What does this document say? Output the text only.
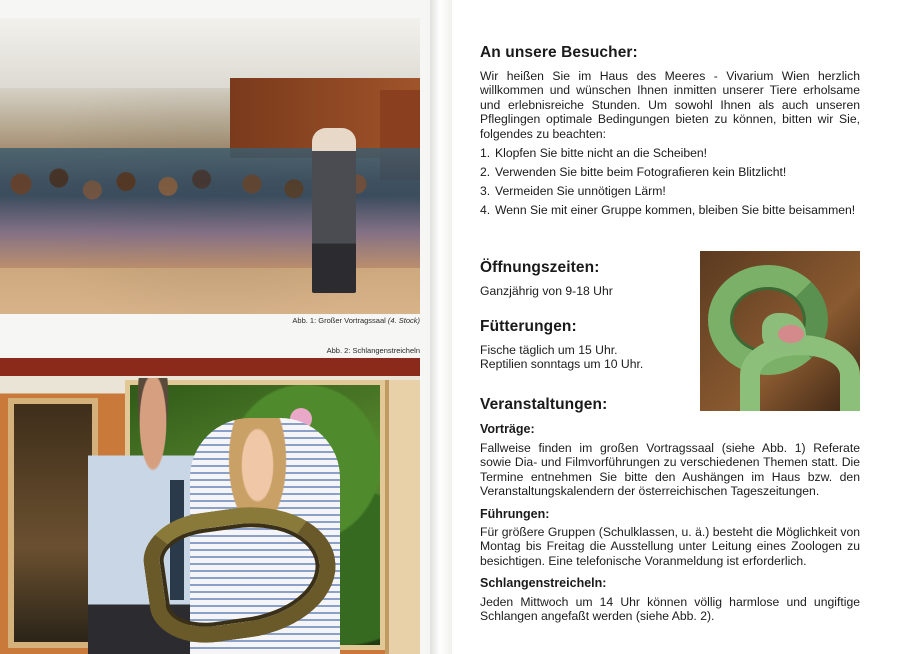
Abb. 1: Großer Vortragssaal (4. Stock)
Abb. 2: Schlangenstreicheln
An unsere Besucher:

Wir heißen Sie im Haus des Meeres - Vivarium Wien herzlich willkommen und wünschen Ihnen inmitten unserer Tiere erholsame und erlebnisreiche Stunden. Um sowohl Ihnen als auch unseren Pfleglingen optimale Bedingungen bieten zu können, bitten wir Sie, folgendes zu beachten:

1. Klopfen Sie bitte nicht an die Scheiben!
2. Verwenden Sie bitte beim Fotografieren kein Blitzlicht!
3. Vermeiden Sie unnötigen Lärm!
4. Wenn Sie mit einer Gruppe kommen, bleiben Sie bitte beisammen!
Öffnungszeiten:

Ganzjährig von 9-18 Uhr

Fütterungen:
Fische täglich um 15 Uhr.
Reptilien sonntags um 10 Uhr.
Veranstaltungen:
Vorträge:

Fallweise finden im großen Vortragssaal (siehe Abb. 1) Referate sowie Dia- und Filmvorführungen zu verschiedenen Themen statt. Die Termine entnehmen Sie bitte den Aushängen im Haus bzw. den Veranstaltungskalendern der österreichischen Tageszeitungen.

Führungen:

Für größere Gruppen (Schulklassen, u. ä.) besteht die Möglichkeit von Montag bis Freitag die Ausstellung unter Leitung eines Zoologen zu besichtigen. Eine telefonische Voranmeldung ist erforderlich.

Schlangenstreicheln:

Jeden Mittwoch um 14 Uhr können völlig harmlose und ungiftige Schlangen angefaßt werden (siehe Abb. 2).
